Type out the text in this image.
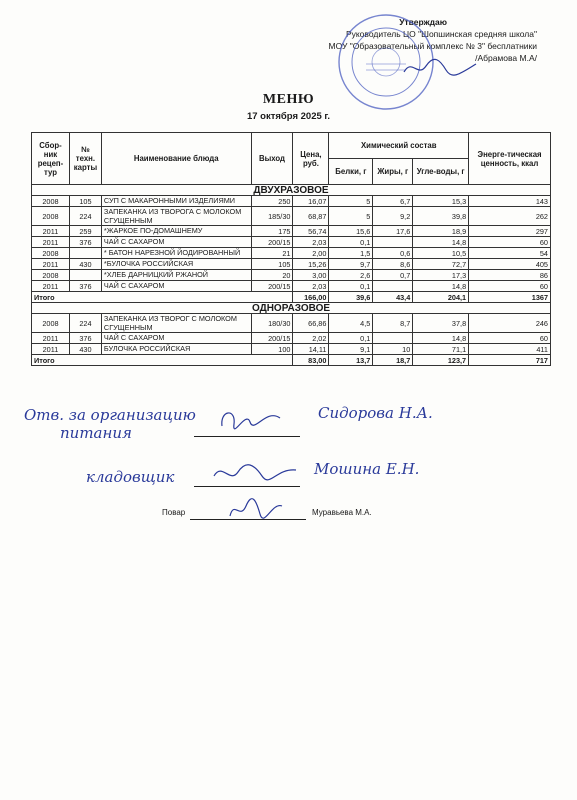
Утверждаю
Руководитель ЦО "Шопшинская средняя школа"
МОУ "Образовательный комплекс № 3" бесплатники
/Абрамова М.А/
МЕНЮ
17 октября 2025 г.
Сбор-ник рецеп-тур	№ техн. карты	Наименование блюда	Выход	Цена, руб.	Химический состав			Энерге-тическая ценность, ккал
					Белки, г	Жиры, г	Угле-воды, г	
ДВУХРАЗОВОЕ								
2008	105	СУП С МАКАРОННЫМИ ИЗДЕЛИЯМИ	250	16,07	5	6,7	15,3	143
2008	224	ЗАПЕКАНКА ИЗ ТВОРОГА С МОЛОКОМ СГУЩЕННЫМ	185/30	68,87	5	9,2	39,8	262
2011	259	*ЖАРКОЕ ПО-ДОМАШНЕМУ	175	56,74	15,6	17,6	18,9	297
2011	376	ЧАЙ С САХАРОМ	200/15	2,03	0,1		14,8	60
2008		* БАТОН НАРЕЗНОЙ ЙОДИРОВАННЫЙ	21	2,00	1,5	0,6	10,5	54
2011	430	*БУЛОЧКА РОССИЙСКАЯ	105	15,26	9,7	8,6	72,7	405
2008		*ХЛЕБ ДАРНИЦКИЙ РЖАНОЙ	20	3,00	2,6	0,7	17,3	86
2011	376	ЧАЙ С САХАРОМ	200/15	2,03	0,1		14,8	60
Итого				166,00	39,6	43,4	204,1	1367
ОДНОРАЗОВОЕ								
2008	224	ЗАПЕКАНКА ИЗ ТВОРОГ С МОЛОКОМ СГУЩЕННЫМ	180/30	66,86	4,5	8,7	37,8	246
2011	376	ЧАЙ С САХАРОМ	200/15	2,02	0,1		14,8	60
2011	430	БУЛОЧКА РОССИЙСКАЯ	100	14,11	9,1	10	71,1	411
Итого				83,00	13,7	18,7	123,7	717
Отв. за организацию
питания
Сидорова Н.А.
кладовщик	Мошина Е.Н.
Повар	Муравьева М.А.
